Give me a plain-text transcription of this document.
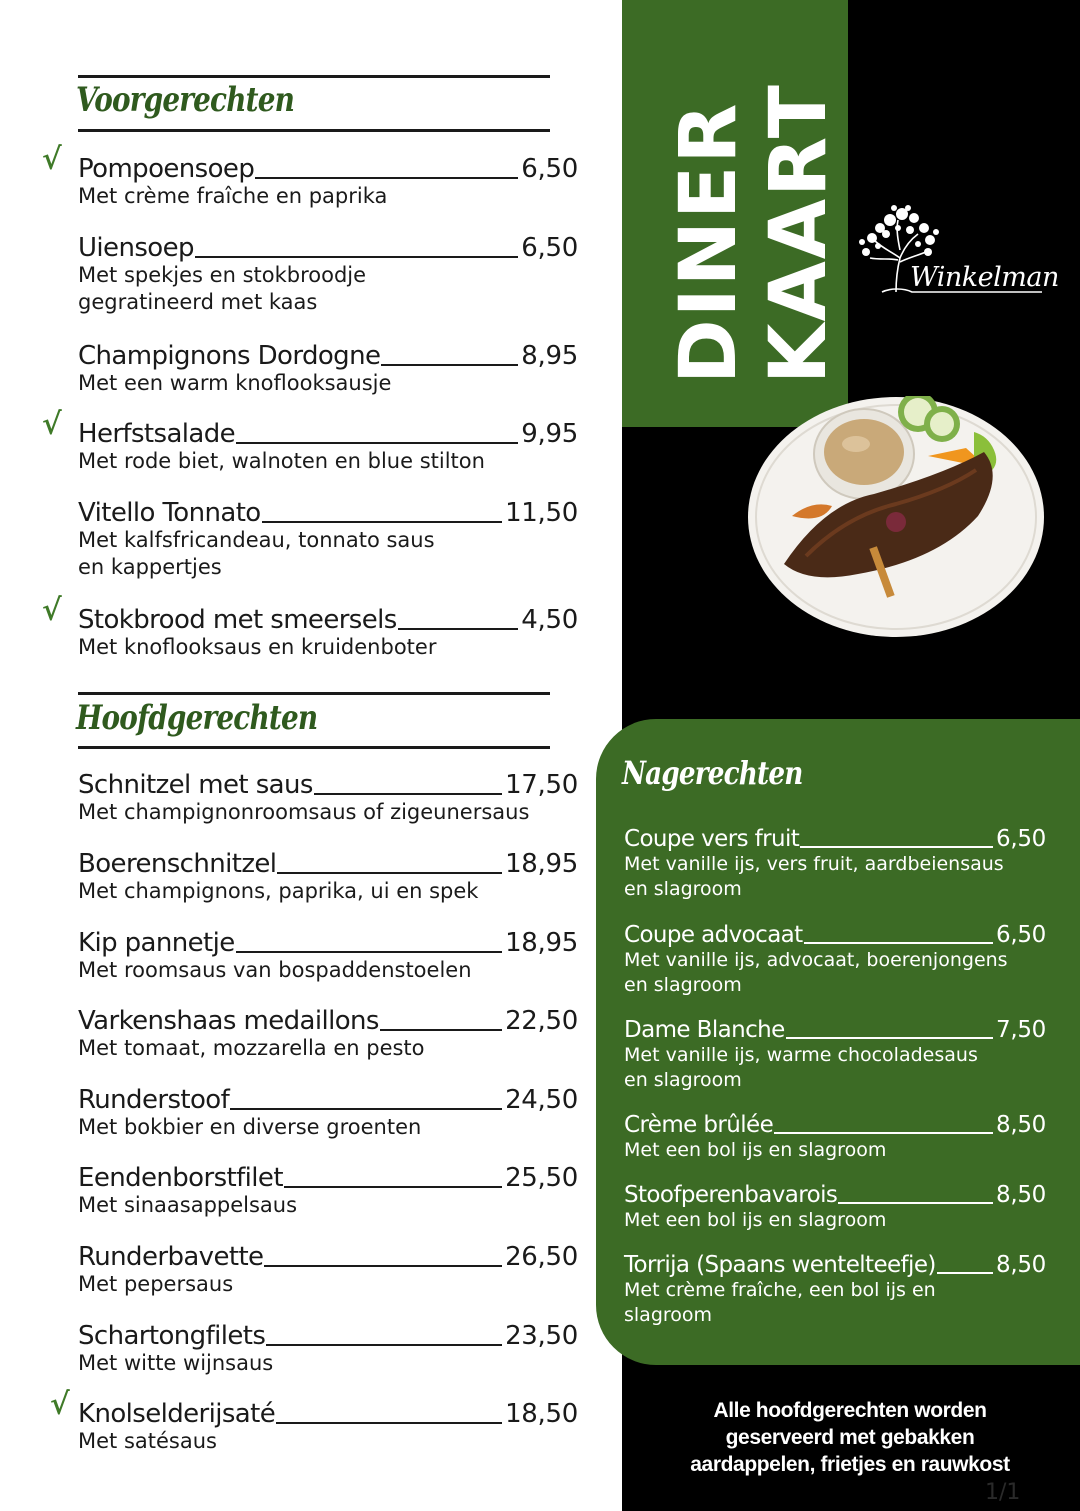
Voorgerechten
Pompoensoep	6,50
Met crème fraîche en paprika
√
Uiensoep	6,50
Met spekjes en stokbroodje
gegratineerd met kaas
Champignons Dordogne	8,95
Met een warm knoflooksausje
Herfstsalade	9,95
Met rode biet, walnoten en blue stilton
√
Vitello Tonnato	11,50
Met kalfsfricandeau, tonnato saus
en kappertjes
Stokbrood met smeersels	4,50
Met knoflooksaus en kruidenboter
√
Hoofdgerechten
Schnitzel met saus	17,50
Met champignonroomsaus of zigeunersaus
Boerenschnitzel	18,95
Met champignons, paprika, ui en spek
Kip pannetje	18,95
Met roomsaus van bospaddenstoelen
Varkenshaas medaillons	22,50
Met tomaat, mozzarella en pesto
Runderstoof	24,50
Met bokbier en diverse groenten
Eendenborstfilet	25,50
Met sinaasappelsaus
Runderbavette	26,50
Met pepersaus
Schartongfilets	23,50
Met witte wijnsaus
Knolselderijsaté	18,50
Met satésaus
√
DINER KAART Winkelman
Nagerechten
Coupe vers fruit	6,50
Met vanille ijs, vers fruit, aardbeiensaus
en slagroom
Coupe advocaat	6,50
Met vanille ijs, advocaat, boerenjongens
en slagroom
Dame Blanche	7,50
Met vanille ijs, warme chocoladesaus
en slagroom
Crème brûlée	8,50
Met een bol ijs en slagroom
Stoofperenbavarois	8,50
Met een bol ijs en slagroom
Torrija (Spaans wentelteefje)	8,50
Met crème fraîche, een bol ijs en
slagroom
Alle hoofdgerechten worden
geserveerd met gebakken
aardappelen, frietjes en rauwkost
1/1
